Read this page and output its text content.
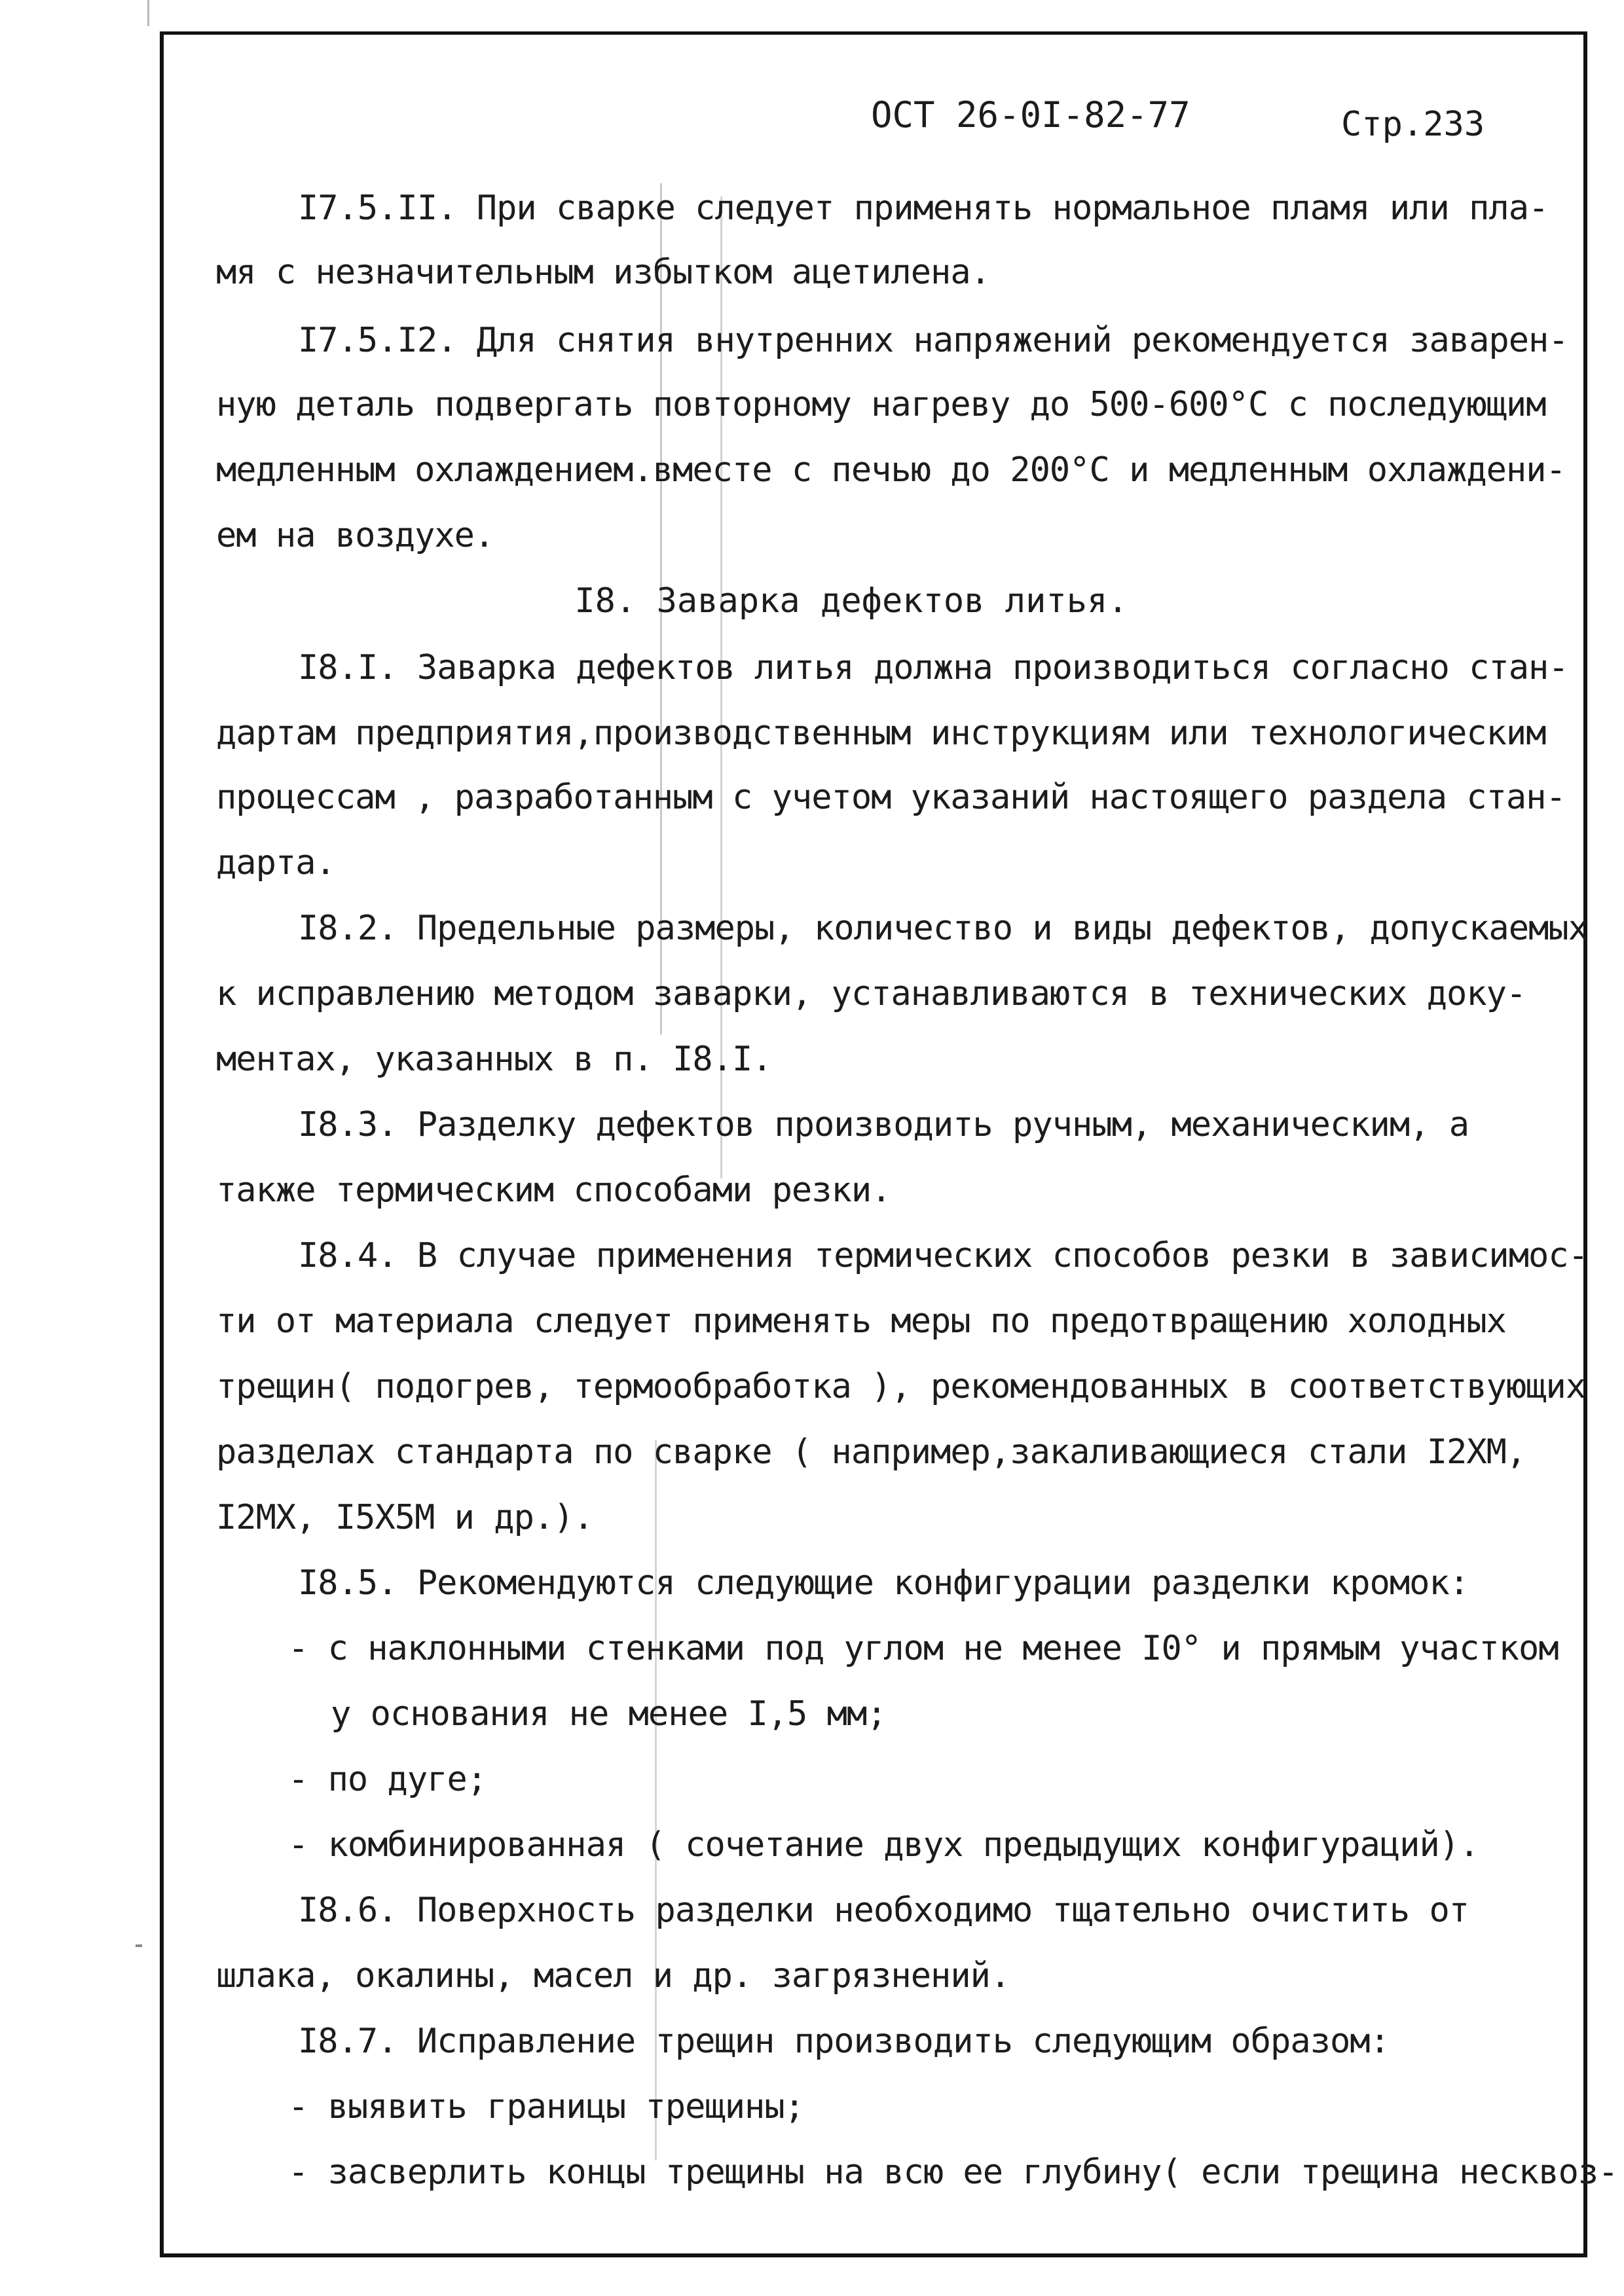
ОСТ 26-0I-82-77	Стр.233
I7.5.II. При сварке следует применять нормальное пламя или пла-
мя с незначительным избытком ацетилена.
I7.5.I2. Для снятия внутренних напряжений рекомендуется заварен-
ную деталь подвергать повторному нагреву до 500-600°С с последующим
медленным охлаждением.вместе с печью до 200°С и медленным охлаждени-
ем на воздухе.
I8. Заварка дефектов литья.
I8.I. Заварка дефектов литья должна производиться согласно стан-
дартам предприятия,производственным инструкциям или технологическим
процессам , разработанным с учетом указаний настоящего раздела стан-
дарта.
I8.2. Предельные размеры, количество и виды дефектов, допускаемых
к исправлению методом заварки, устанавливаются в технических доку-
ментах, указанных в п. I8.I.
I8.3. Разделку дефектов производить ручным, механическим, а
также термическим способами резки.
I8.4. В случае применения термических способов резки в зависимос-
ти от материала следует применять меры по предотвращению холодных
трещин( подогрев, термообработка ), рекомендованных в соответствующих
разделах стандарта по сварке ( например,закаливающиеся стали I2ХМ,
I2МХ, I5Х5М и др.).
I8.5. Рекомендуются следующие конфигурации разделки кромок:
- с наклонными стенками под углом не менее I0° и прямым участком
у основания не менее I,5 мм;
- по дуге;
- комбинированная ( сочетание двух предыдущих конфигураций).
I8.6. Поверхность разделки необходимо тщательно очистить от
шлака, окалины, масел и др. загрязнений.
I8.7. Исправление трещин производить следующим образом:
- выявить границы трещины;
- засверлить концы трещины на всю ее глубину( если трещина несквоз-
